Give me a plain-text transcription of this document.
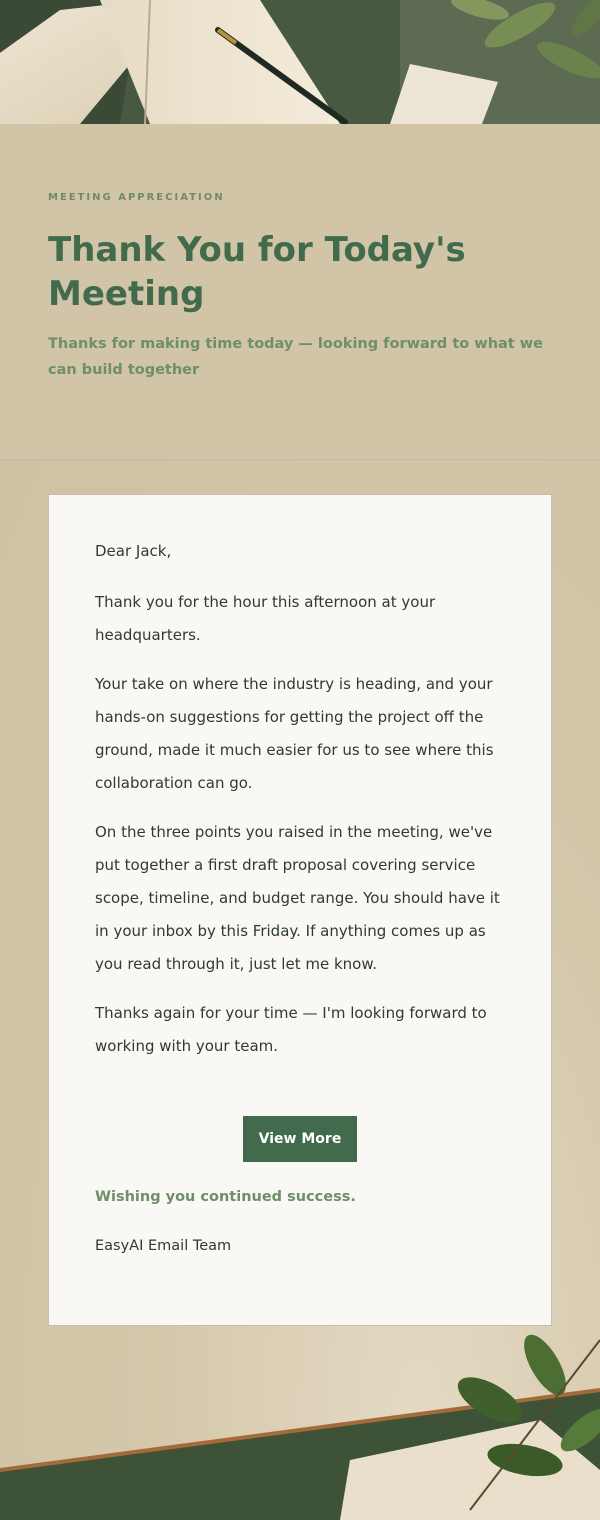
MEETING APPRECIATION
Thank You for Today's Meeting
Thanks for making time today — looking forward to what we can build together

Dear Jack,

Thank you for the hour this afternoon at your headquarters.

Your take on where the industry is heading, and your hands-on suggestions for getting the project off the ground, made it much easier for us to see where this collaboration can go.

On the three points you raised in the meeting, we've put together a first draft proposal covering service scope, timeline, and budget range. You should have it in your inbox by this Friday. If anything comes up as you read through it, just let me know.

Thanks again for your time — I'm looking forward to working with your team.

View More
Wishing you continued success.
EasyAI Email Team
